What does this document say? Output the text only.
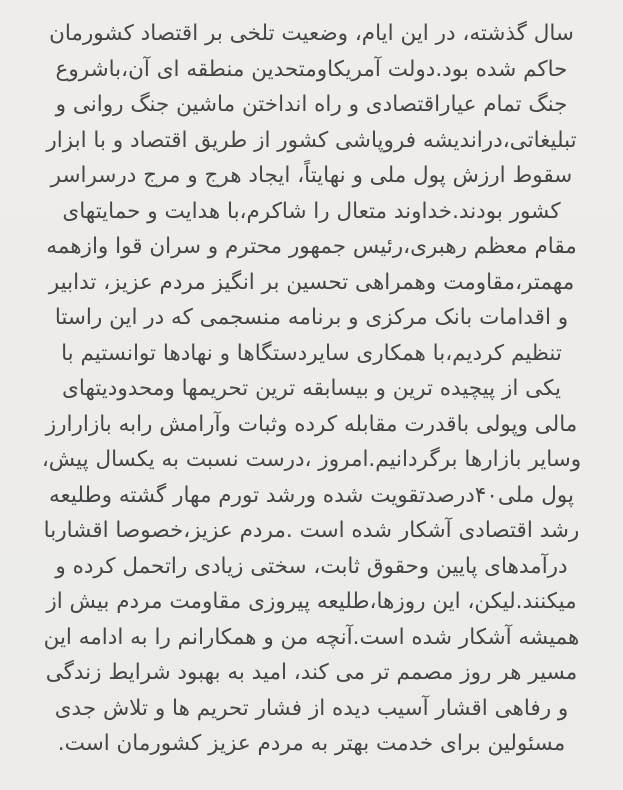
سال گذشته، در این ایام، وضعیت تلخی بر اقتصاد کشورمان
حاکم شده بود.دولت آمریکاومتحدین منطقه ای آن،باشروع
جنگ تمام عیاراقتصادی و راه انداختن ماشین جنگ روانی و
تبلیغاتی،دراندیشه فروپاشی کشور از طریق اقتصاد و با ابزار
سقوط ارزش پول ملی و نهایتاً، ایجاد هرج و مرج درسراسر
کشور بودند.خداوند متعال را شاکرم،با هدایت و حمایتهای
مقام معظم رهبری،رئیس جمهور محترم و سران قوا وازهمه
مهمتر،مقاومت وهمراهی تحسین بر انگیز مردم عزیز، تدابیر
و اقدامات بانک مرکزی و برنامه منسجمی که در این راستا
تنظیم کردیم،با همکاری سایردستگاها و نهادها توانستیم با
یکی از پیچیده ترین و بیسابقه ترین تحریمها ومحدودیتهای
مالی وپولی باقدرت مقابله کرده وثبات وآرامش رابه بازارارز
وسایر بازارها برگردانیم.امروز ،درست نسبت به یکسال پیش،
پول ملی۴۰درصدتقویت شده ورشد تورم مهار گشته وطلیعه
رشد اقتصادی آشکار شده است .مردم عزیز،خصوصا اقشاربا
درآمدهای پایین وحقوق ثابت، سختی زیادی راتحمل کرده و
میکنند.لیکن، این روزها،طلیعه پیروزی مقاومت مردم بیش از
همیشه آشکار شده است.آنچه من و همکارانم را به ادامه این
مسیر هر روز مصمم تر می کند، امید به بهبود شرایط زندگی
و رفاهی اقشار آسیب دیده از فشار تحریم ها و تلاش جدی
مسئولین برای خدمت بهتر به مردم عزیز کشورمان است.
